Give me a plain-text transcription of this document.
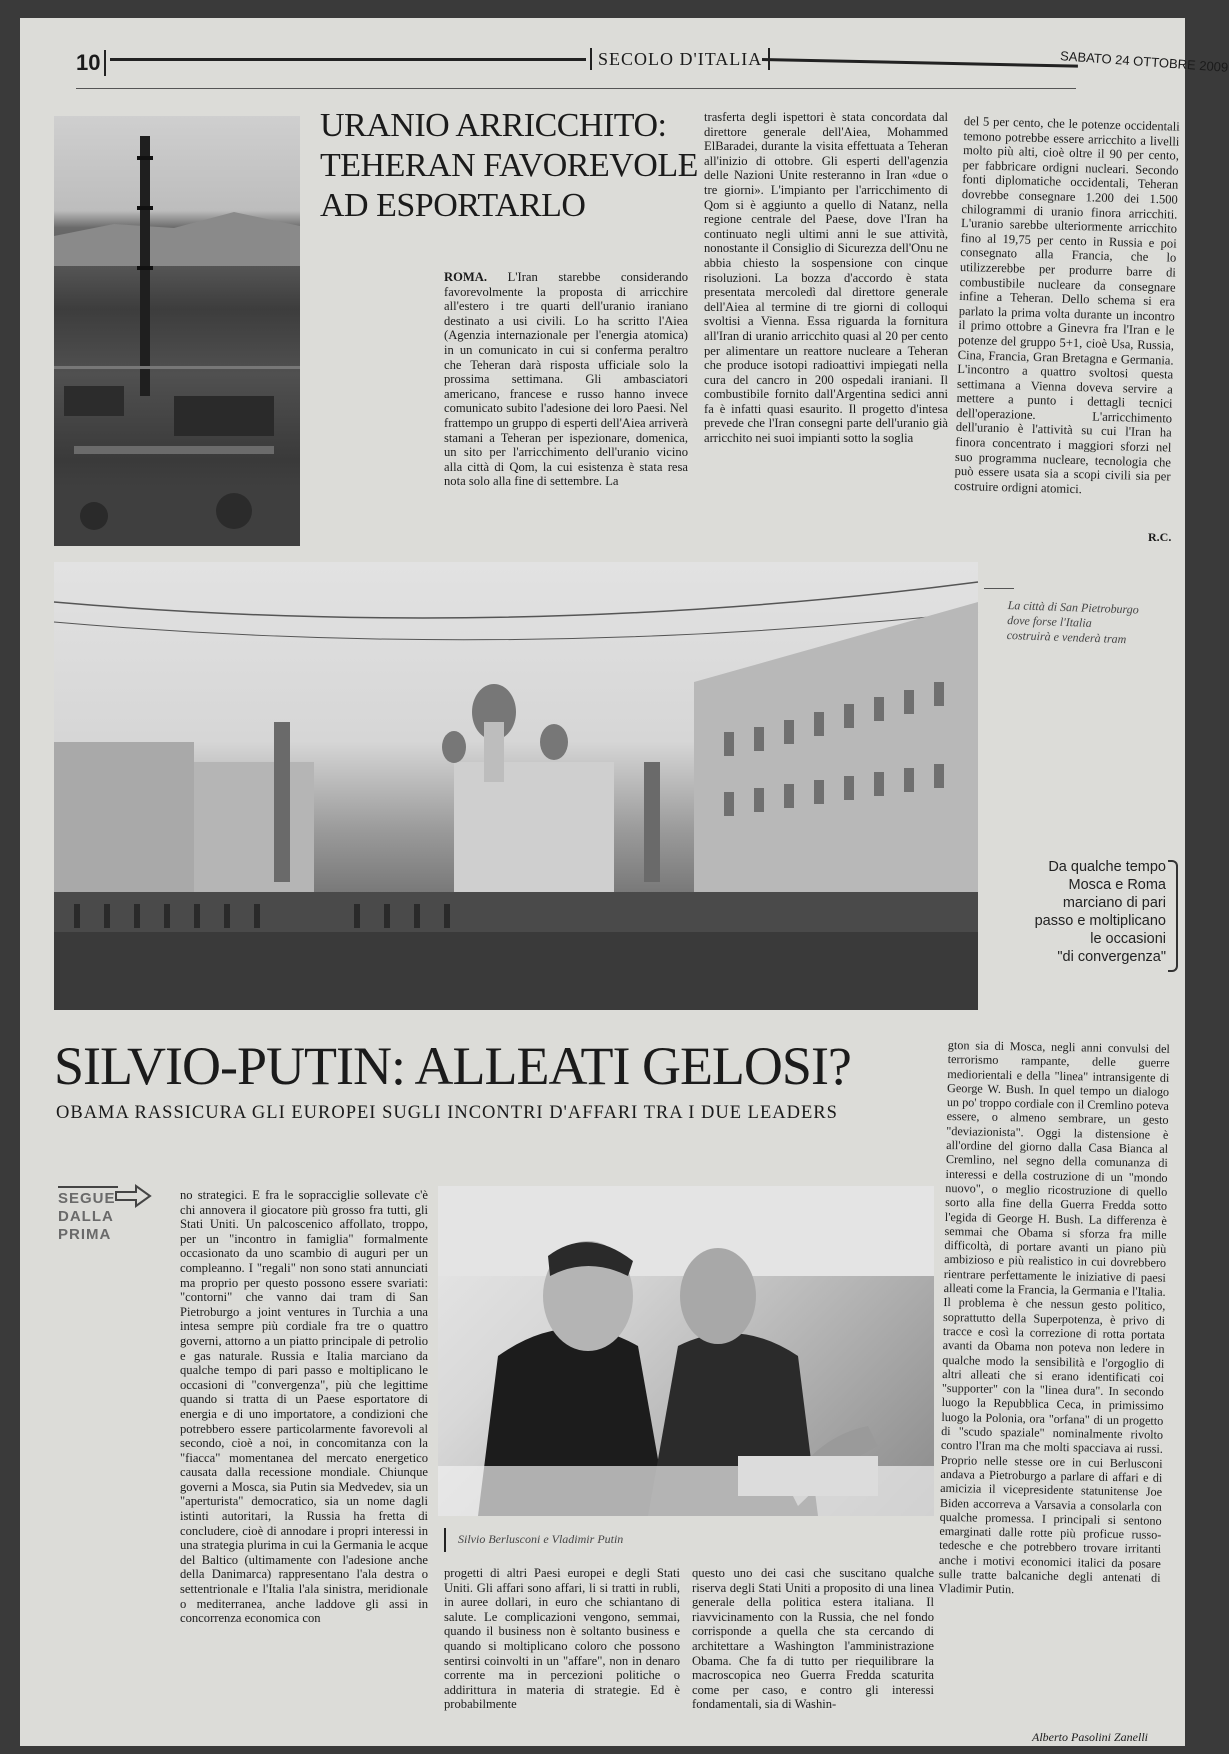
10	SECOLO D'ITALIA	SABATO 24 OTTOBRE 2009
URANIO ARRICCHITO:
TEHERAN FAVOREVOLE
AD ESPORTARLO
ROMA. L'Iran starebbe considerando favorevolmente la proposta di arricchire all'estero i tre quarti dell'uranio iraniano destinato a usi civili. Lo ha scritto l'Aiea (Agenzia internazionale per l'energia atomica) in un comunicato in cui si conferma peraltro che Teheran darà risposta ufficiale solo la prossima settimana. Gli ambasciatori americano, francese e russo hanno invece comunicato subito l'adesione dei loro Paesi. Nel frattempo un gruppo di esperti dell'Aiea arriverà stamani a Teheran per ispezionare, domenica, un sito per l'arricchimento dell'uranio vicino alla città di Qom, la cui esistenza è stata resa nota solo alla fine di settembre. La
trasferta degli ispettori è stata concordata dal direttore generale dell'Aiea, Mohammed ElBaradei, durante la visita effettuata a Teheran all'inizio di ottobre. Gli esperti dell'agenzia delle Nazioni Unite resteranno in Iran «due o tre giorni». L'impianto per l'arricchimento di Qom si è aggiunto a quello di Natanz, nella regione centrale del Paese, dove l'Iran ha continuato negli ultimi anni le sue attività, nonostante il Consiglio di Sicurezza dell'Onu ne abbia chiesto la sospensione con cinque risoluzioni. La bozza d'accordo è stata presentata mercoledì dal direttore generale dell'Aiea al termine di tre giorni di colloqui svoltisi a Vienna. Essa riguarda la fornitura all'Iran di uranio arricchito quasi al 20 per cento per alimentare un reattore nucleare a Teheran che produce isotopi radioattivi impiegati nella cura del cancro in 200 ospedali iraniani. Il combustibile fornito dall'Argentina sedici anni fa è infatti quasi esaurito. Il progetto d'intesa prevede che l'Iran consegni parte dell'uranio già arricchito nei suoi impianti sotto la soglia
del 5 per cento, che le potenze occidentali temono potrebbe essere arricchito a livelli molto più alti, cioè oltre il 90 per cento, per fabbricare ordigni nucleari. Secondo fonti diplomatiche occidentali, Teheran dovrebbe consegnare 1.200 dei 1.500 chilogrammi di uranio finora arricchiti. L'uranio sarebbe ulteriormente arricchito fino al 19,75 per cento in Russia e poi consegnato alla Francia, che lo utilizzerebbe per produrre barre di combustibile nucleare da consegnare infine a Teheran. Dello schema si era parlato la prima volta durante un incontro il primo ottobre a Ginevra fra l'Iran e le potenze del gruppo 5+1, cioè Usa, Russia, Cina, Francia, Gran Bretagna e Germania. L'incontro a quattro svoltosi questa settimana a Vienna doveva servire a mettere a punto i dettagli tecnici dell'operazione. L'arricchimento dell'uranio è l'attività su cui l'Iran ha finora concentrato i maggiori sforzi nel suo programma nucleare, tecnologia che può essere usata sia a scopi civili sia per costruire ordigni atomici.
R.C.
La città di San Pietroburgo
dove forse l'Italia
costruirà e venderà tram
Da qualche tempo
Mosca e Roma
marciano di pari
passo e moltiplicano
le occasioni
"di convergenza"
SILVIO-PUTIN: ALLEATI GELOSI?
OBAMA RASSICURA GLI EUROPEI SUGLI INCONTRI D'AFFARI TRA I DUE LEADERS
SEGUE
DALLA
PRIMA
no strategici. E fra le sopracciglie sollevate c'è chi annovera il giocatore più grosso fra tutti, gli Stati Uniti. Un palcoscenico affollato, troppo, per un "incontro in famiglia" formalmente occasionato da uno scambio di auguri per un compleanno. I "regali" non sono stati annunciati ma proprio per questo possono essere svariati: "contorni" che vanno dai tram di San Pietroburgo a joint ventures in Turchia a una intesa sempre più cordiale fra tre o quattro governi, attorno a un piatto principale di petrolio e gas naturale. Russia e Italia marciano da qualche tempo di pari passo e moltiplicano le occasioni di "convergenza", più che legittime quando si tratta di un Paese esportatore di energia e di uno importatore, a condizioni che potrebbero essere particolarmente favorevoli al secondo, cioè a noi, in concomitanza con la "fiacca" momentanea del mercato energetico causata dalla recessione mondiale. Chiunque governi a Mosca, sia Putin sia Medvedev, sia un "aperturista" democratico, sia un nome dagli istinti autoritari, la Russia ha fretta di concludere, cioè di annodare i propri interessi in una strategia plurima in cui la Germania le acque del Baltico (ultimamente con l'adesione anche della Danimarca) rappresentano l'ala destra o settentrionale e l'Italia l'ala sinistra, meridionale o mediterranea, anche laddove gli assi in concorrenza economica con
Silvio Berlusconi e Vladimir Putin
progetti di altri Paesi europei e degli Stati Uniti. Gli affari sono affari, li si tratti in rubli, in auree dollari, in euro che schiantano di salute. Le complicazioni vengono, semmai, quando il business non è soltanto business e quando si moltiplicano coloro che possono sentirsi coinvolti in un "affare", non in denaro corrente ma in percezioni politiche o addirittura in materia di strategie. Ed è probabilmente
questo uno dei casi che suscitano qualche riserva degli Stati Uniti a proposito di una linea generale della politica estera italiana. Il riavvicinamento con la Russia, che nel fondo corrisponde a quella che sta cercando di architettare a Washington l'amministrazione Obama. Che fa di tutto per riequilibrare la macroscopica neo Guerra Fredda scaturita come per caso, e contro gli interessi fondamentali, sia di Washin-
gton sia di Mosca, negli anni convulsi del terrorismo rampante, delle guerre mediorientali e della "linea" intransigente di George W. Bush. In quel tempo un dialogo un po' troppo cordiale con il Cremlino poteva essere, o almeno sembrare, un gesto "deviazionista". Oggi la distensione è all'ordine del giorno dalla Casa Bianca al Cremlino, nel segno della comunanza di interessi e della costruzione di un "mondo nuovo", o meglio ricostruzione di quello sorto alla fine della Guerra Fredda sotto l'egida di George H. Bush. La differenza è semmai che Obama si sforza fra mille difficoltà, di portare avanti un piano più ambizioso e più realistico in cui dovrebbero rientrare perfettamente le iniziative di paesi alleati come la Francia, la Germania e l'Italia. Il problema è che nessun gesto politico, soprattutto della Superpotenza, è privo di tracce e così la correzione di rotta portata avanti da Obama non poteva non ledere in qualche modo la sensibilità e l'orgoglio di altri alleati che si erano identificati coi "supporter" con la "linea dura". In secondo luogo la Repubblica Ceca, in primissimo luogo la Polonia, ora "orfana" di un progetto di "scudo spaziale" nominalmente rivolto contro l'Iran ma che molti spacciava ai russi. Proprio nelle stesse ore in cui Berlusconi andava a Pietroburgo a parlare di affari e di amicizia il vicepresidente statunitense Joe Biden accorreva a Varsavia a consolarla con qualche promessa. I principali si sentono emarginati dalle rotte più proficue russo-tedesche e che potrebbero trovare irritanti anche i motivi economici italici da posare sulle tratte balcaniche degli antenati di Vladimir Putin.
Alberto Pasolini Zanelli
